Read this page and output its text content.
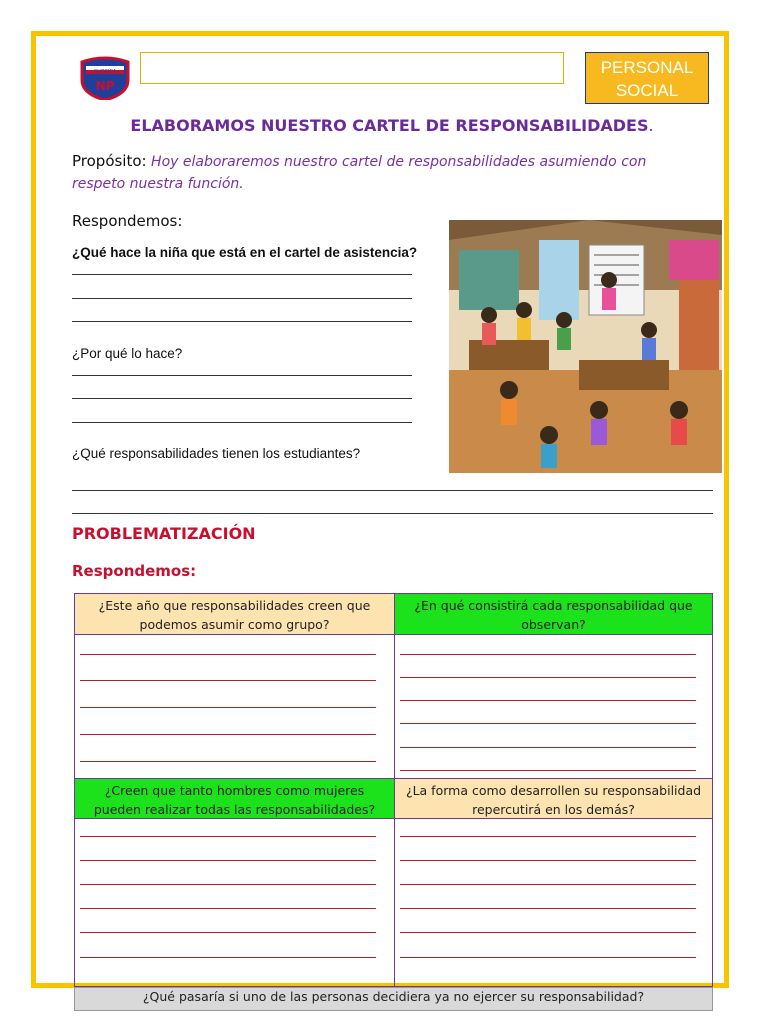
CHOSICA
NP
PERSONAL
SOCIAL
ELABORAMOS NUESTRO CARTEL DE RESPONSABILIDADES.
Propósito: Hoy elaboraremos nuestro cartel de responsabilidades asumiendo con respeto nuestra función.
Respondemos:
¿Qué hace la niña que está en el cartel de asistencia?
¿Por qué lo hace?
¿Qué responsabilidades tienen los estudiantes?
PROBLEMATIZACIÓN
Respondemos:
¿Este año que responsabilidades creen que podemos asumir como grupo?
¿En qué consistirá cada responsabilidad que observan?
¿Creen que tanto hombres como mujeres pueden realizar todas las responsabilidades?
¿La forma como desarrollen su responsabilidad repercutirá en los demás?
¿Qué pasaría si uno de las personas decidiera ya no ejercer su responsabilidad?
